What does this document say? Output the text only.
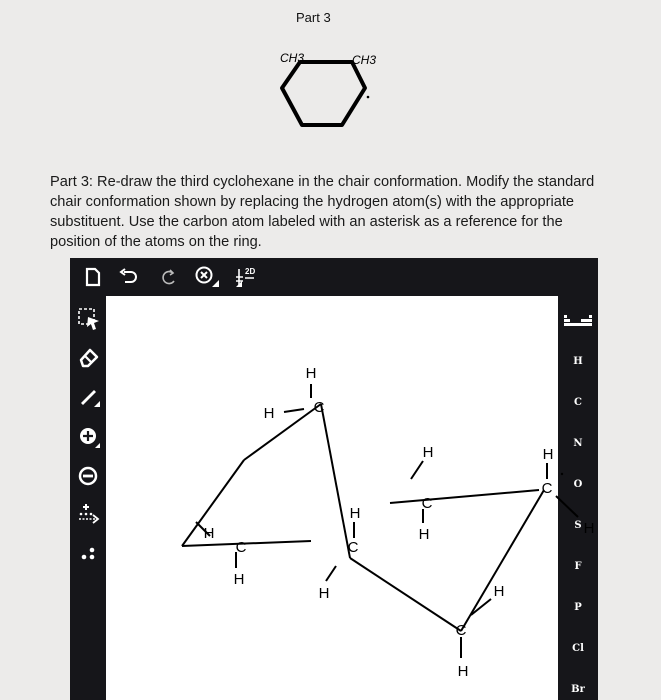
Part 3
CH3	CH3
Part 3: Re-draw the third cyclohexane in the chair conformation. Modify the standard chair conformation shown by replacing the hydrogen atom(s) with the appropriate substituent. Use the carbon atom labeled with an asterisk as a reference for the position of the atoms on the ring.
2D
C
C	C
C
C
C
H
H
H
H
H
H
H
H
H
H
H
H
H
C
N
O
S
F
P
Cl
Br
